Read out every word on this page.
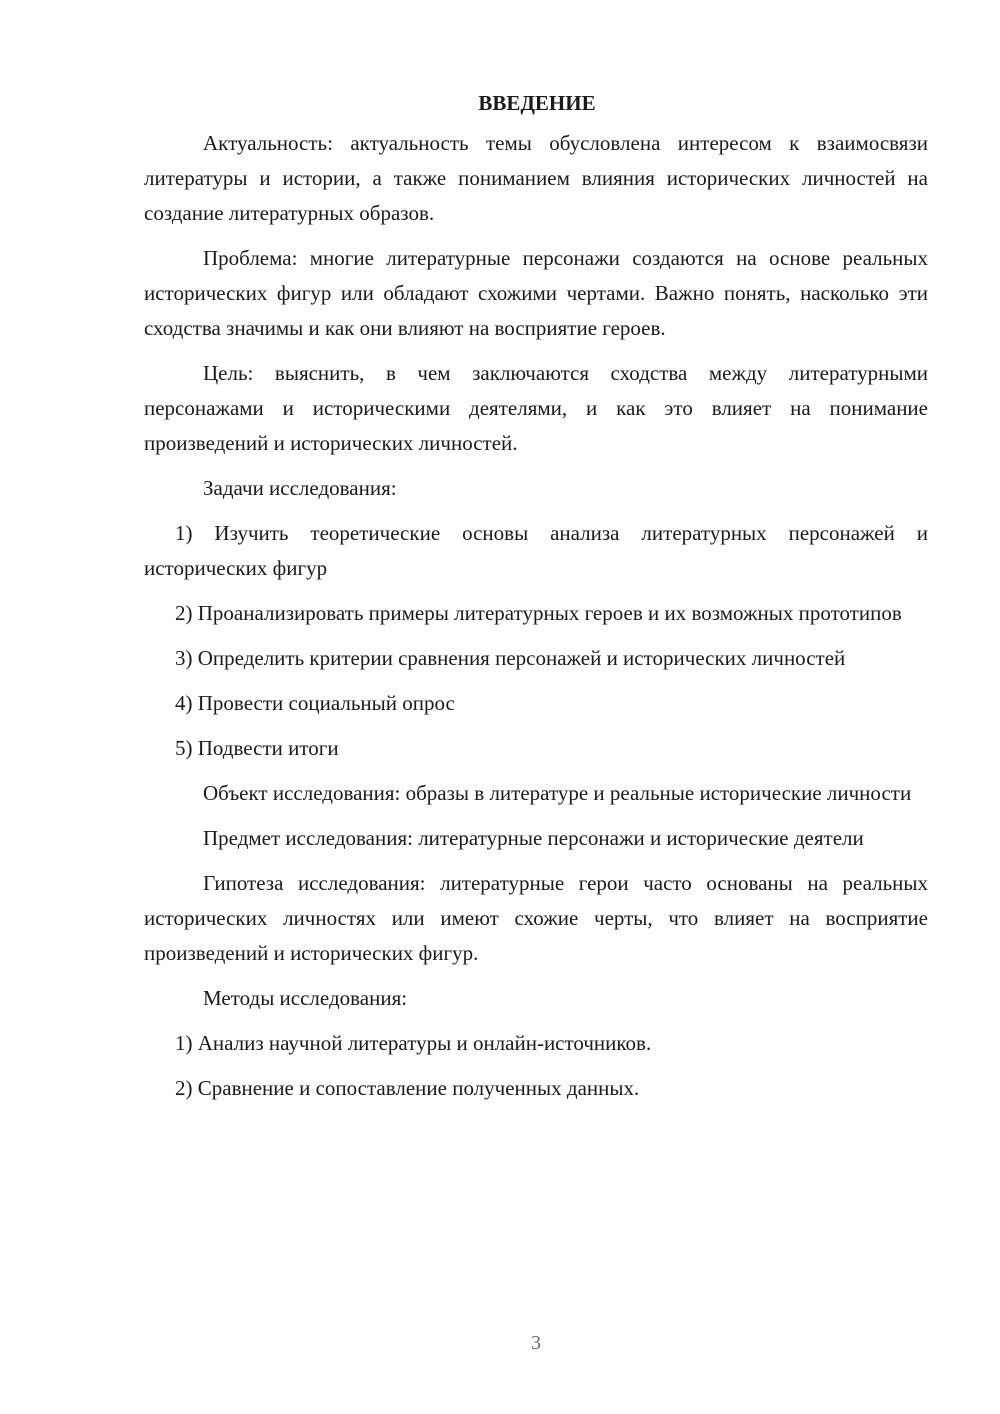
ВВЕДЕНИЕ

Актуальность: актуальность темы обусловлена интересом к взаимосвязи литературы и истории, а также пониманием влияния исторических личностей на создание литературных образов.

Проблема: многие литературные персонажи создаются на основе реальных исторических фигур или обладают схожими чертами. Важно понять, насколько эти сходства значимы и как они влияют на восприятие героев.

Цель: выяснить, в чем заключаются сходства между литературными персонажами и историческими деятелями, и как это влияет на понимание произведений и исторических личностей.

Задачи исследования:

1) Изучить теоретические основы анализа литературных персонажей и исторических фигур

2) Проанализировать примеры литературных героев и их возможных прототипов

3) Определить критерии сравнения персонажей и исторических личностей

4) Провести социальный опрос

5) Подвести итоги

Объект исследования: образы в литературе и реальные исторические личности

Предмет исследования: литературные персонажи и исторические деятели

Гипотеза исследования: литературные герои часто основаны на реальных исторических личностях или имеют схожие черты, что влияет на восприятие произведений и исторических фигур.

Методы исследования:

1) Анализ научной литературы и онлайн-источников.

2) Сравнение и сопоставление полученных данных.

3
